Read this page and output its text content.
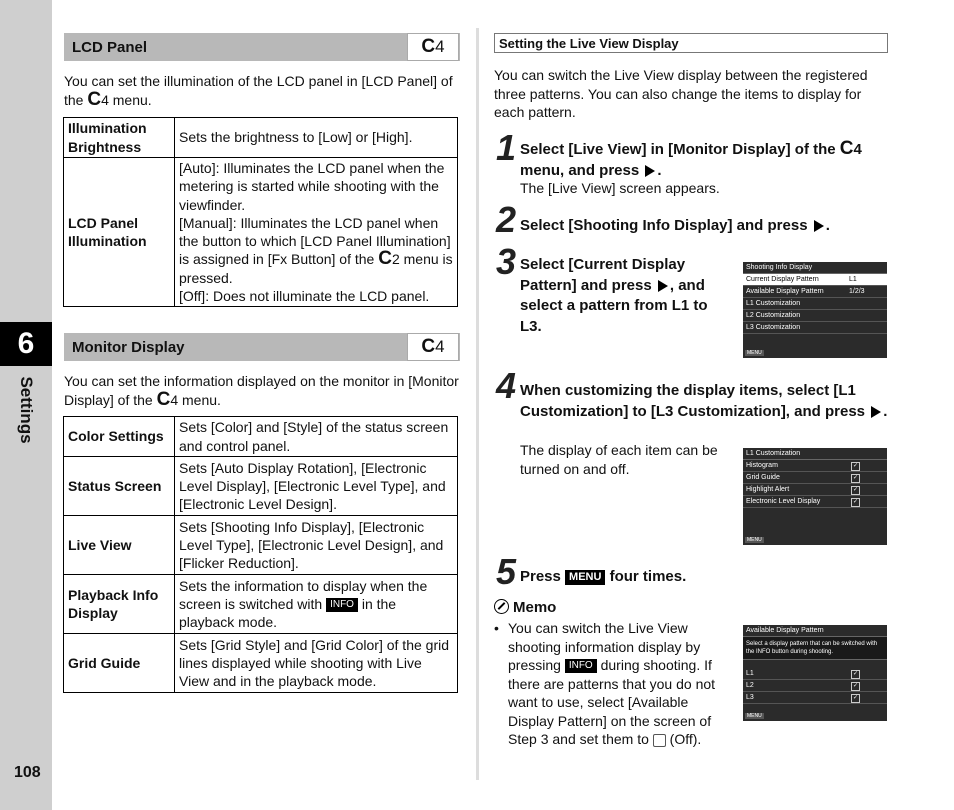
6
Settings
108
LCD Panel	C 4
You can set the illumination of the LCD panel in [LCD Panel] of the C4 menu.
Illumination Brightness	Sets the brightness to [Low] or [High].
LCD Panel Illumination	[Auto]: Illuminates the LCD panel when the metering is started while shooting with the viewfinder.
[Manual]: Illuminates the LCD panel when the button to which [LCD Panel Illumination] is assigned in [Fx Button] of the C2 menu is pressed.
[Off]: Does not illuminate the LCD panel.
Monitor Display	C 4
You can set the information displayed on the monitor in [Monitor Display] of the C4 menu.
Color Settings	Sets [Color] and [Style] of the status screen and control panel.
Status Screen	Sets [Auto Display Rotation], [Electronic Level Display], [Electronic Level Type], and [Electronic Level Design].
Live View	Sets [Shooting Info Display], [Electronic Level Type], [Electronic Level Design], and [Flicker Reduction].
Playback Info Display	Sets the information to display when the screen is switched with INFO in the playback mode.
Grid Guide	Sets [Grid Style] and [Grid Color] of the grid lines displayed while shooting with Live View and in the playback mode.
Setting the Live View Display
You can switch the Live View display between the registered three patterns. You can also change the items to display for each pattern.
1 Select [Live View] in [Monitor Display] of the C4 menu, and press .
The [Live View] screen appears.
2 Select [Shooting Info Display] and press .
3 Select [Current Display Pattern] and press , and select a pattern from L1 to L3.
Shooting Info Display
Current Display Pattern	L1
Available Display Pattern	1/2/3
L1 Customization
L2 Customization
L3 Customization
MENU
4 When customizing the display items, select [L1 Customization] to [L3 Customization], and press .
The display of each item can be turned on and off.
L1 Customization
Histogram	✓
Grid Guide	✓
Highlight Alert	✓
Electronic Level Display	✓
MENU
5 Press MENU four times.
Memo
• You can switch the Live View shooting information display by pressing INFO during shooting. If there are patterns that you do not want to use, select [Available Display Pattern] on the screen of Step 3 and set them to  (Off).
Available Display Pattern
Select a display pattern that can be switched with the INFO button during shooting.
L1	✓
L2	✓
L3	✓
MENU
